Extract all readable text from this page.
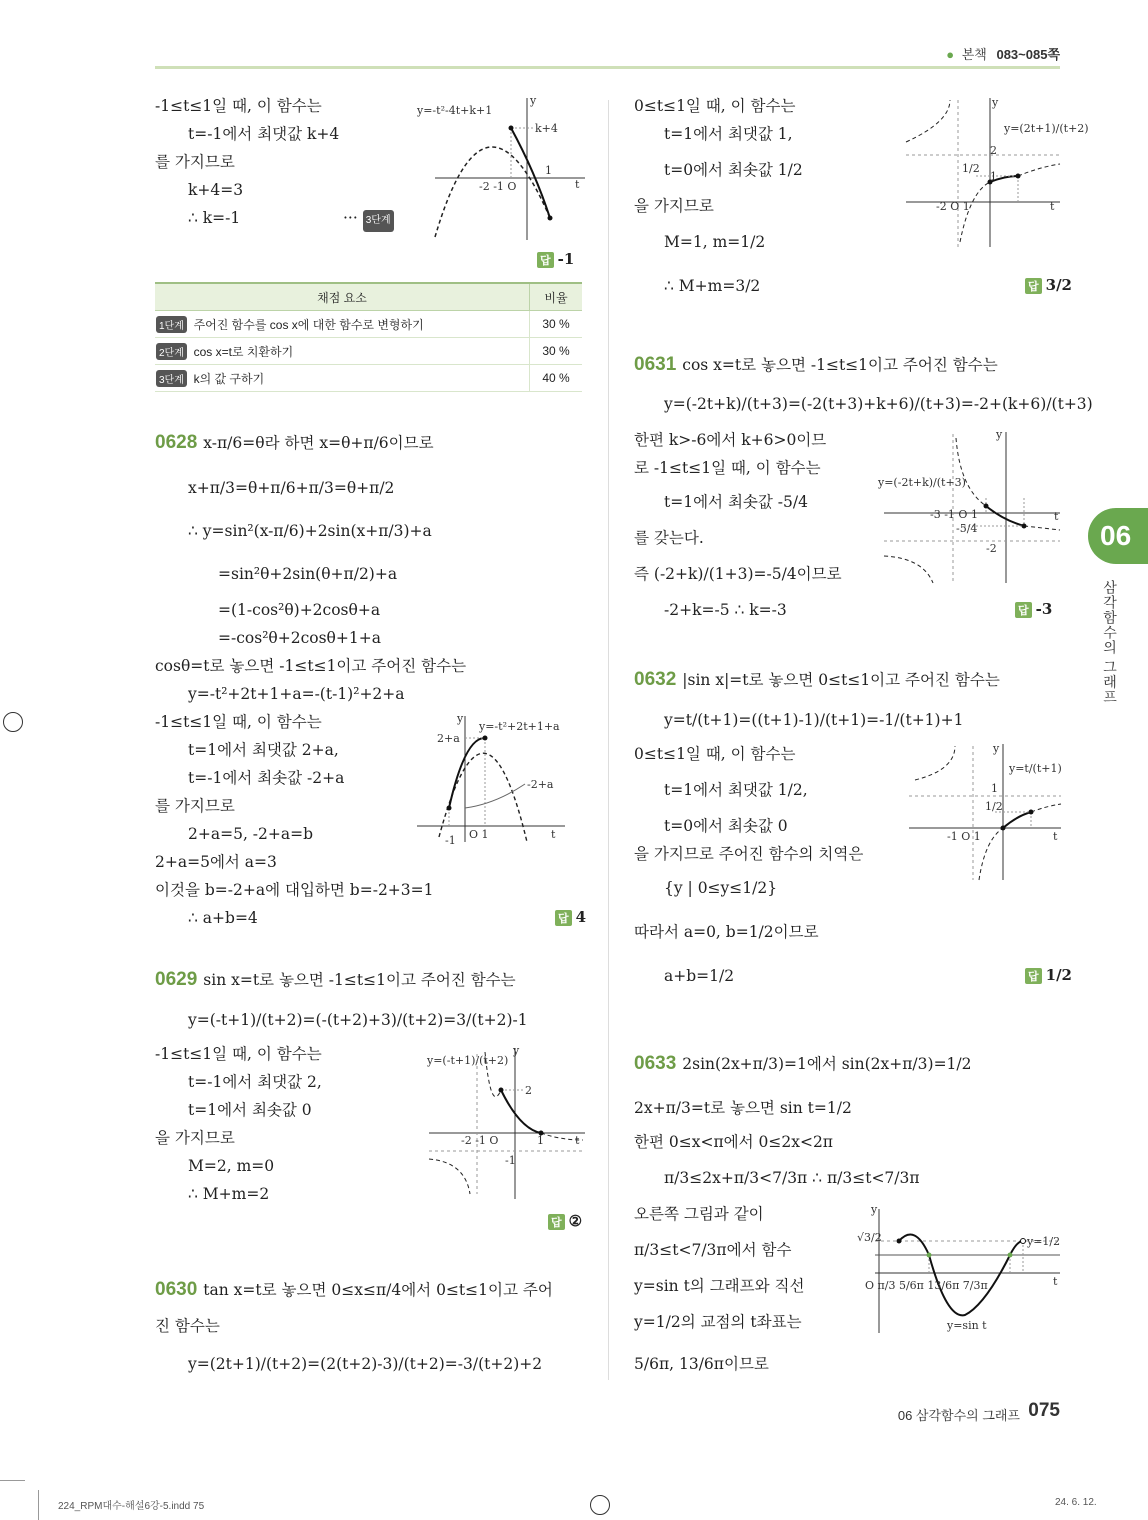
● 본책 083~085쪽
-1≤t≤1일 때, 이 함수는
t=-1에서 최댓값 k+4
를 가지므로
k+4=3
∴ k=-1	··· 3단계
y=-t²-4t+k+1
k+4
-2 -1 O
1
t
y
답 -1
채점 요소	비율
1단계 주어진 함수를 cos x에 대한 함수로 변형하기	30 %
2단계 cos x=t로 치환하기	30 %
3단계 k의 값 구하기	40 %
0628 x-π/6=θ라 하면 x=θ+π/6이므로
x+π/3=θ+π/6+π/3=θ+π/2
∴ y=sin²(x-π/6)+2sin(x+π/3)+a
=sin²θ+2sin(θ+π/2)+a
=(1-cos²θ)+2cosθ+a
=-cos²θ+2cosθ+1+a
cosθ=t로 놓으면 -1≤t≤1이고 주어진 함수는
y=-t²+2t+1+a=-(t-1)²+2+a
-1≤t≤1일 때, 이 함수는
t=1에서 최댓값 2+a,
t=-1에서 최솟값 -2+a
를 가지므로
2+a=5, -2+a=b
2+a=5에서 a=3
이것을 b=-2+a에 대입하면 b=-2+3=1
∴ a+b=4
y=-t²+2t+1+a
2+a
-2+a
-1 O 1	t
y
답 4
0629 sin x=t로 놓으면 -1≤t≤1이고 주어진 함수는
y=(-t+1)/(t+2)=(-(t+2)+3)/(t+2)=3/(t+2)-1
-1≤t≤1일 때, 이 함수는
t=-1에서 최댓값 2,
t=1에서 최솟값 0
을 가지므로
M=2, m=0
∴ M+m=2
y=(-t+1)/(t+2)
2
-2 -1 O	1
-1
t
y
답 ②
0630 tan x=t로 놓으면 0≤x≤π/4에서 0≤t≤1이고 주어
진 함수는
y=(2t+1)/(t+2)=(2(t+2)-3)/(t+2)=-3/(t+2)+2
0≤t≤1일 때, 이 함수는
t=1에서 최댓값 1,
t=0에서 최솟값 1/2
을 가지므로
M=1, m=1/2
∴ M+m=3/2
y=(2t+1)/(t+2)
2
1/2
1
-2 O 1	t
y
답 3/2
0631 cos x=t로 놓으면 -1≤t≤1이고 주어진 함수는
y=(-2t+k)/(t+3)=(-2(t+3)+k+6)/(t+3)=-2+(k+6)/(t+3)
한편 k>-6에서 k+6>0이므
로 -1≤t≤1일 때, 이 함수는
t=1에서 최솟값 -5/4
를 갖는다.
즉 (-2+k)/(1+3)=-5/4이므로
-2+k=-5 ∴ k=-3
y=(-2t+k)/(t+3)
-3 -1 O 1
-5/4
-2
t
y
답 -3
0632 |sin x|=t로 놓으면 0≤t≤1이고 주어진 함수는
y=t/(t+1)=((t+1)-1)/(t+1)=-1/(t+1)+1
0≤t≤1일 때, 이 함수는
t=1에서 최댓값 1/2,
t=0에서 최솟값 0
을 가지므로 주어진 함수의 치역은
{y | 0≤y≤1/2}
따라서 a=0, b=1/2이므로
a+b=1/2
y=t/(t+1)
1
1/2
-1 O 1	t
y
답 1/2
0633 2sin(2x+π/3)=1에서 sin(2x+π/3)=1/2
2x+π/3=t로 놓으면 sin t=1/2
한편 0≤x<π에서 0≤2x<2π
π/3≤2x+π/3<7/3π ∴ π/3≤t<7/3π
오른쪽 그림과 같이
π/3≤t<7/3π에서 함수
y=sin t의 그래프와 직선
y=1/2의 교점의 t좌표는
5/6π, 13/6π이므로
√3/2	y=1/2
y=sin t
O π/3 5/6π 13/6π 7/3π	t
y
06
삼각함수의 그래프
06 삼각함수의 그래프 075
224_RPM대수-해설6강-5.indd 75	24. 6. 12.
